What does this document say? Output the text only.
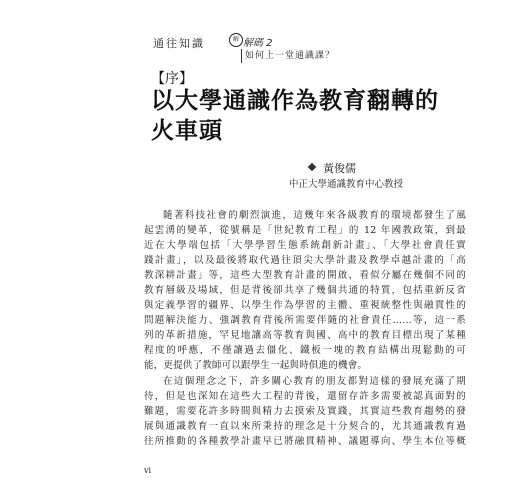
通往知識	解 解碼 2
如何上一堂通識課？
【序】
以大學通識作為教育翻轉的
火車頭
黃俊儒
中正大學通識教育中心教授
隨著科技社會的劇烈演進，這幾年來各級教育的環境都發生了風
起雲湧的變革，從號稱是「世紀教育工程」的 12 年國教政策，到最
近在大學端包括「大學學習生態系統創新計畫」、「大學社會責任實
踐計畫」，以及最後將取代過往頂尖大學計畫及教學卓越計畫的「高
教深耕計畫」等，這些大型教育計畫的開啟，看似分屬在幾個不同的
教育層級及場域，但是背後卻共享了幾個共通的特質，包括重新反省
與定義學習的疆界、以學生作為學習的主體、重視統整性與融貫性的
問題解決能力、強調教育背後所需要伴隨的社會責任……等，這一系
列的革新措施，罕見地讓高等教育與國、高中的教育目標出現了某種
程度的呼應，不僅讓過去僵化、鐵板一塊的教育結構出現鬆動的可
能，更提供了教師可以跟學生一起與時俱進的機會。
在這個理念之下，許多關心教育的朋友都對這樣的發展充滿了期
待，但是也深知在這些大工程的背後，還留存許多需要被認真面對的
難題，需要花許多時間與精力去摸索及實踐，其實這些教育趨勢的發
展與通識教育一直以來所秉持的理念是十分契合的，尤其通識教育過
往所推動的各種教學計畫早已將融貫精神、議題導向、學生本位等概
vi
